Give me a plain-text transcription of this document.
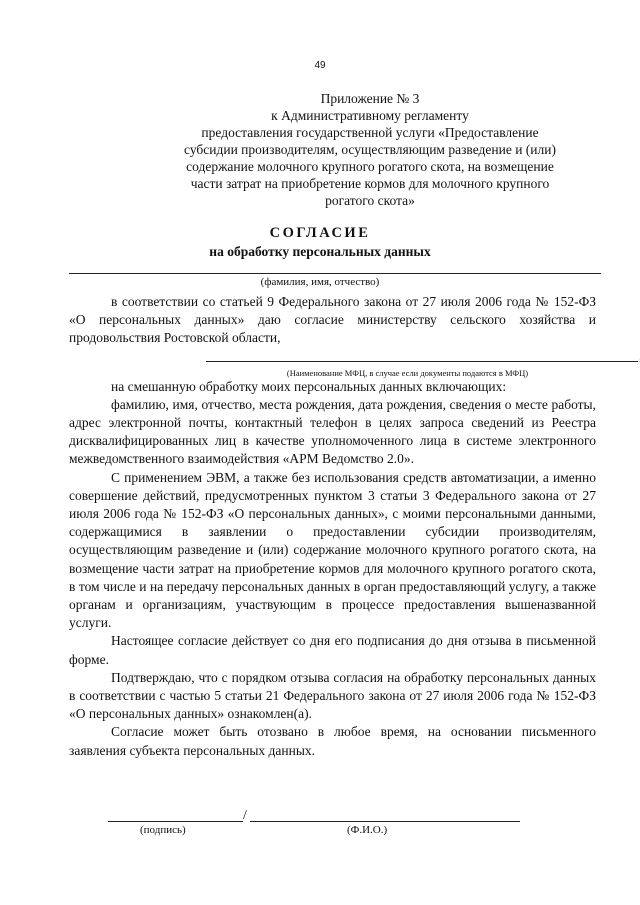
49
Приложение № 3
к Административному регламенту
предоставления государственной услуги «Предоставление
субсидии производителям, осуществляющим разведение и (или)
содержание молочного крупного рогатого скота, на возмещение
части затрат на приобретение кормов для молочного крупного
рогатого скота»
СОГЛАСИЕ
на обработку персональных данных
(фамилия, имя, отчество)

в соответствии со статьей 9 Федерального закона от 27 июля 2006 года № 152-ФЗ «О персональных данных» даю согласие министерству сельского хозяйства и продовольствия Ростовской области,

(Наименование МФЦ, в случае если документы подаются в МФЦ)

на смешанную обработку моих персональных данных включающих:

фамилию, имя, отчество, места рождения, дата рождения, сведения о месте работы, адрес электронной почты, контактный телефон в целях запроса сведений из Реестра дисквалифицированных лиц в качестве уполномоченного лица в системе электронного межведомственного взаимодействия «АРМ Ведомство 2.0».

С применением ЭВМ, а также без использования средств автоматизации, а именно совершение действий, предусмотренных пунктом 3 статьи 3 Федерального закона от 27 июля 2006 года № 152-ФЗ «О персональных данных», с моими персональными данными, содержащимися в заявлении о предоставлении субсидии производителям, осуществляющим разведение и (или) содержание молочного крупного рогатого скота, на возмещение части затрат на приобретение кормов для молочного крупного рогатого скота, в том числе и на передачу персональных данных в орган предоставляющий услугу, а также органам и организациям, участвующим в процессе предоставления вышеназванной услуги.

Настоящее согласие действует со дня его подписания до дня отзыва в письменной форме.

Подтверждаю, что с порядком отзыва согласия на обработку персональных данных в соответствии с частью 5 статьи 21 Федерального закона от 27 июля 2006 года № 152-ФЗ «О персональных данных» ознакомлен(а).

Согласие может быть отозвано в любое время, на основании письменного заявления субъекта персональных данных.

/
(подпись)	(Ф.И.О.)
